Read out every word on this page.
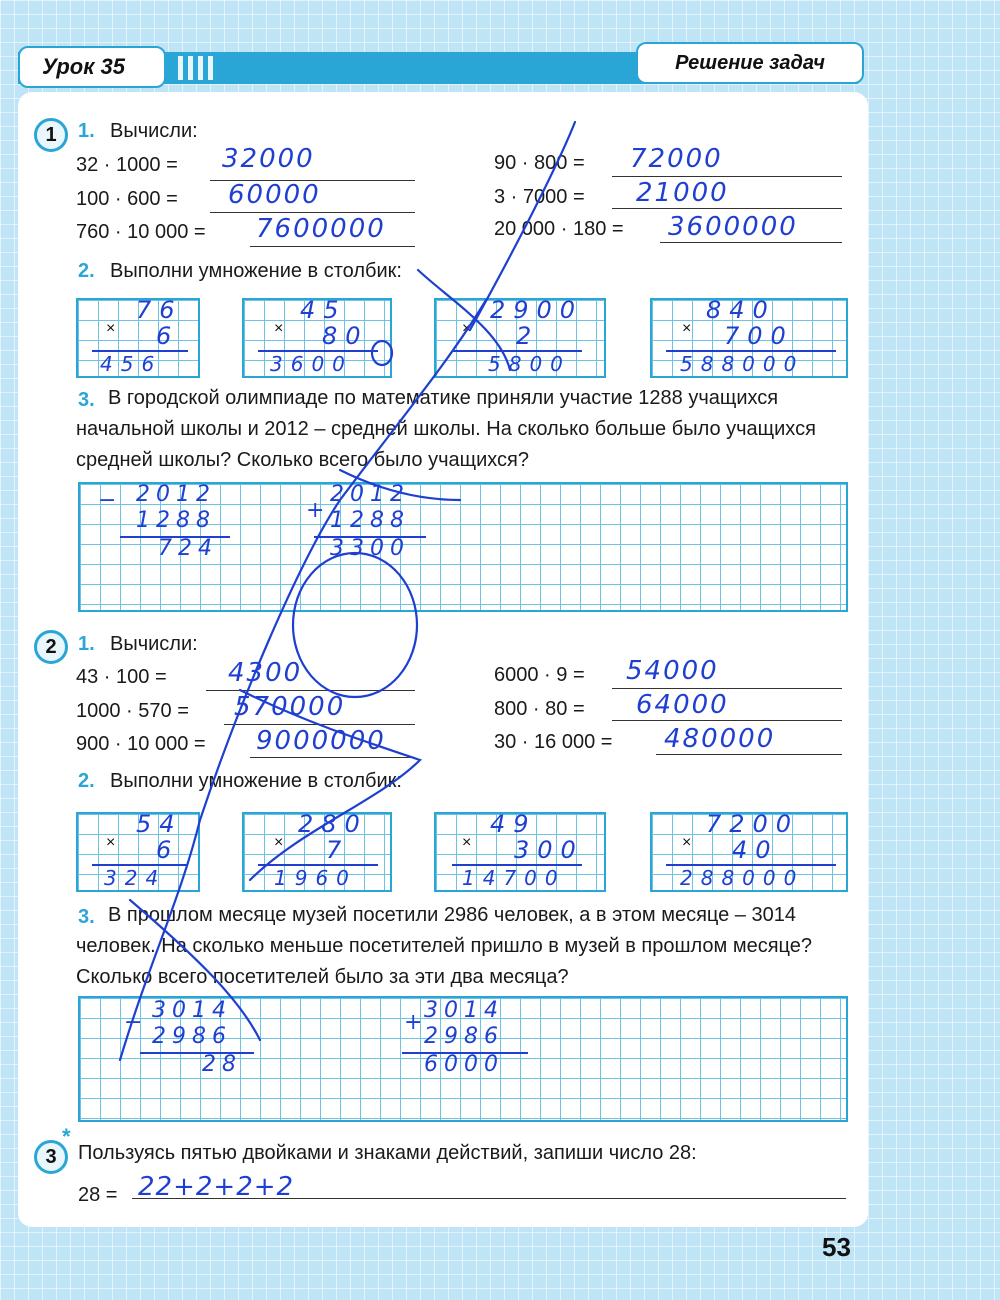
Урок 35	Решение задач
1	1. Вычисли:
32 · 1000 = 32000
100 · 600 = 60000
760 · 10 000 = 7600000
90 · 800 = 72000
3 · 7000 = 21000
20 000 · 180 = 3600000
2. Выполни умножение в столбик:
×
76
6
456
×
45
80
3600
×
2900
2
5800
×
840
700
588000
3. В городской олимпиаде по математике приняли участие 1288 учащихся начальной школы и 2012 – средней школы. На сколько больше было учащихся средней школы? Сколько всего было учащихся?
− 2012
1288
724
+
2012
1288
3300
2	1. Вычисли:
43 · 100 = 4300
1000 · 570 = 570000
900 · 10 000 = 9000000
6000 · 9 = 54000
800 · 80 = 64000
30 · 16 000 = 480000
2. Выполни умножение в столбик:
×
54
6
324
×
280
7
1960
×
49
300
14700
×
7200
40
288000
3. В прошлом месяце музей посетили 2986 человек, а в этом месяце – 3014 человек. На сколько меньше посетителей пришло в музей в прошлом месяце? Сколько всего посетителей было за эти два месяца?
− 3014
2986
28
+
3014
2986
6000
3
*
Пользуясь пятью двойками и знаками действий, запиши число 28:
28 = 22+2+2+2
53
